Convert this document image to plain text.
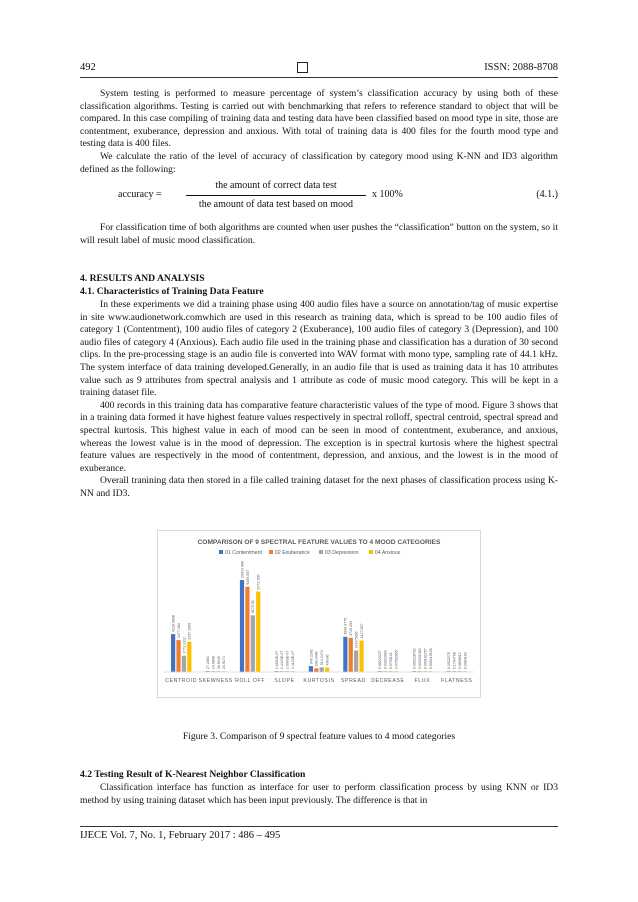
492	ISSN: 2088-8708

System testing is performed to measure percentage of system’s classification accuracy by using both of these classification algorithms. Testing is carried out with benchmarking that refers to reference standard to object that will be compared. In this case compiling of training data and testing data have been classified based on mood type in site, those are contentment, exuberance, depression and anxious. With total of training data is 400 files for the fourth mood type and testing data is 400 files.

We calculate the ratio of the level of accuracy of classification by category mood using K-NN and ID3 algorithm defined as the following:

accuracy =
the amount of correct data test
the amount of data test based on mood
x 100%	(4.1.)

For classification time of both algorithms are counted when user pushes the “classification” button on the system, so it will result label of music mood classification.

4. RESULTS AND ANALYSIS
4.1. Characteristics of Training Data Feature

In these experiments we did a training phase using 400 audio files have a source on annotation/tag of music expertise in site www.audionetwork.comwhich are used in this research as training data, which is spread to be 100 audio files of category 1 (Contentment), 100 audio files of category 2 (Exuberance), 100 audio files of category 3 (Depression), and 100 audio files of category 4 (Anxious). Each audio file used in the training phase and classification has a duration of 30 second clips. In the pre-processing stage is an audio file is converted into WAV format with mono type, sampling rate of 44.1 kHz. The system interface of data training developed.Generally, in an audio file that is used as training data it has 10 attributes value such as 9 attributes from spectral analysis and 1 attribute as code of music mood category. This will be kept in a training dataset file.

400 records in this training data has comparative feature characteristic values of the type of mood. Figure 3 shows that in a training data formed it have highest feature values respectively in spectral rolloff, spectral centroid, spectral spread and spectral kurtosis. This highest value in each of mood can be seen in mood of contentment, exuberance, and anxious, whereas the lowest value is in the mood of depression. The exception is in spectral kurtosis where the highest spectral feature values are respectively in the mood of contentment, depression, and anxious, and the lowest is in the mood of exuberance.

Overall tranining data then stored in a file called training dataset for the next phases of classification process using K-NN and ID3.

COMPARISON OF 9 SPECTRAL FEATURE VALUES TO 4 MOOD CATEGORIES
01 Contentment	02 Exuberance	03 Depression	04 Anxious
4128.0898 3477.284
1773.3112
3297.1905
27.2884 24.0808 35.8349 23.9174
10014.996 9289.567
6175.36
8772.356
2.6904E-07 2.4423E-07 2.6063E-07 2.4123E-07	640.2392 399.2486 514.2474 490.86
3840.3775 3720.293
2349.5286
3427.857
0.08220237 0.03923983 0.0709121 0.07562965	0.000228782 0.000201082 0.000183257 0.000215105	0.3522275 0.1764768 0.0899612 0.2084193
CENTROID SKEWNESS ROLL OFF SLOPE KURTOSIS SPREAD DECREASE FLUX FLATNESS
Figure 3. Comparison of 9 spectral feature values to 4 mood categories
4.2 Testing Result of K-Nearest Neighbor Classification

Classification interface has function as interface for user to perform classification process by using KNN or ID3 method by using training dataset which has been input previously. The difference is that in

IJECE Vol. 7, No. 1, February 2017 : 486 – 495
